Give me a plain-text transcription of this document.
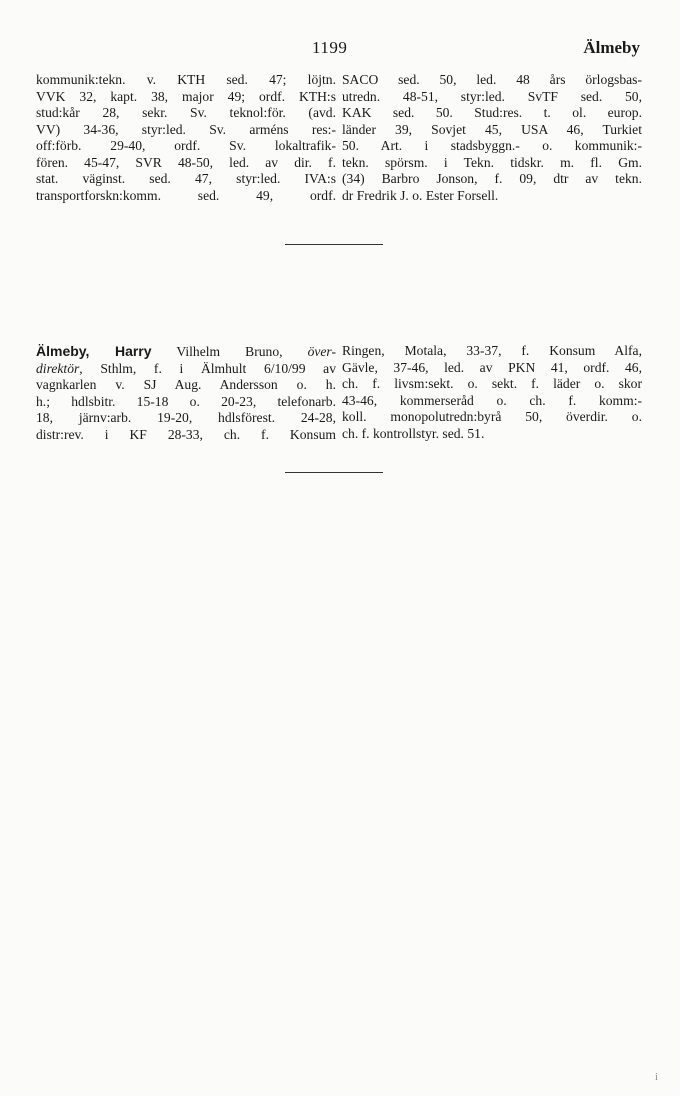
1199	Älmeby
kommunik:tekn. v. KTH sed. 47; löjtn.
VVK 32, kapt. 38, major 49; ordf. KTH:s
stud:kår 28, sekr. Sv. teknol:för. (avd.
VV) 34-36, styr:led. Sv. arméns res:-
off:förb. 29-40, ordf. Sv. lokaltrafik-
fören. 45-47, SVR 48-50, led. av dir. f.
stat. väginst. sed. 47, styr:led. IVA:s
transportforskn:komm. sed. 49, ordf.
SACO sed. 50, led. 48 års örlogsbas-
utredn. 48-51, styr:led. SvTF sed. 50,
KAK sed. 50. Stud:res. t. ol. europ.
länder 39, Sovjet 45, USA 46, Turkiet
50. Art. i stadsbyggn.- o. kommunik:-
tekn. spörsm. i Tekn. tidskr. m. fl. Gm.
(34) Barbro Jonson, f. 09, dtr av tekn.
dr Fredrik J. o. Ester Forsell.
Älmeby, Harry Vilhelm Bruno, över-
direktör, Sthlm, f. i Älmhult 6/10/99 av
vagnkarlen v. SJ Aug. Andersson o. h.
h.; hdlsbitr. 15-18 o. 20-23, telefonarb.
18, järnv:arb. 19-20, hdlsförest. 24-28,
distr:rev. i KF 28-33, ch. f. Konsum
Ringen, Motala, 33-37, f. Konsum Alfa,
Gävle, 37-46, led. av PKN 41, ordf. 46,
ch. f. livsm:sekt. o. sekt. f. läder o. skor
43-46, kommerseråd o. ch. f. komm:-
koll. monopolutredn:byrå 50, överdir. o.
ch. f. kontrollstyr. sed. 51.
i
